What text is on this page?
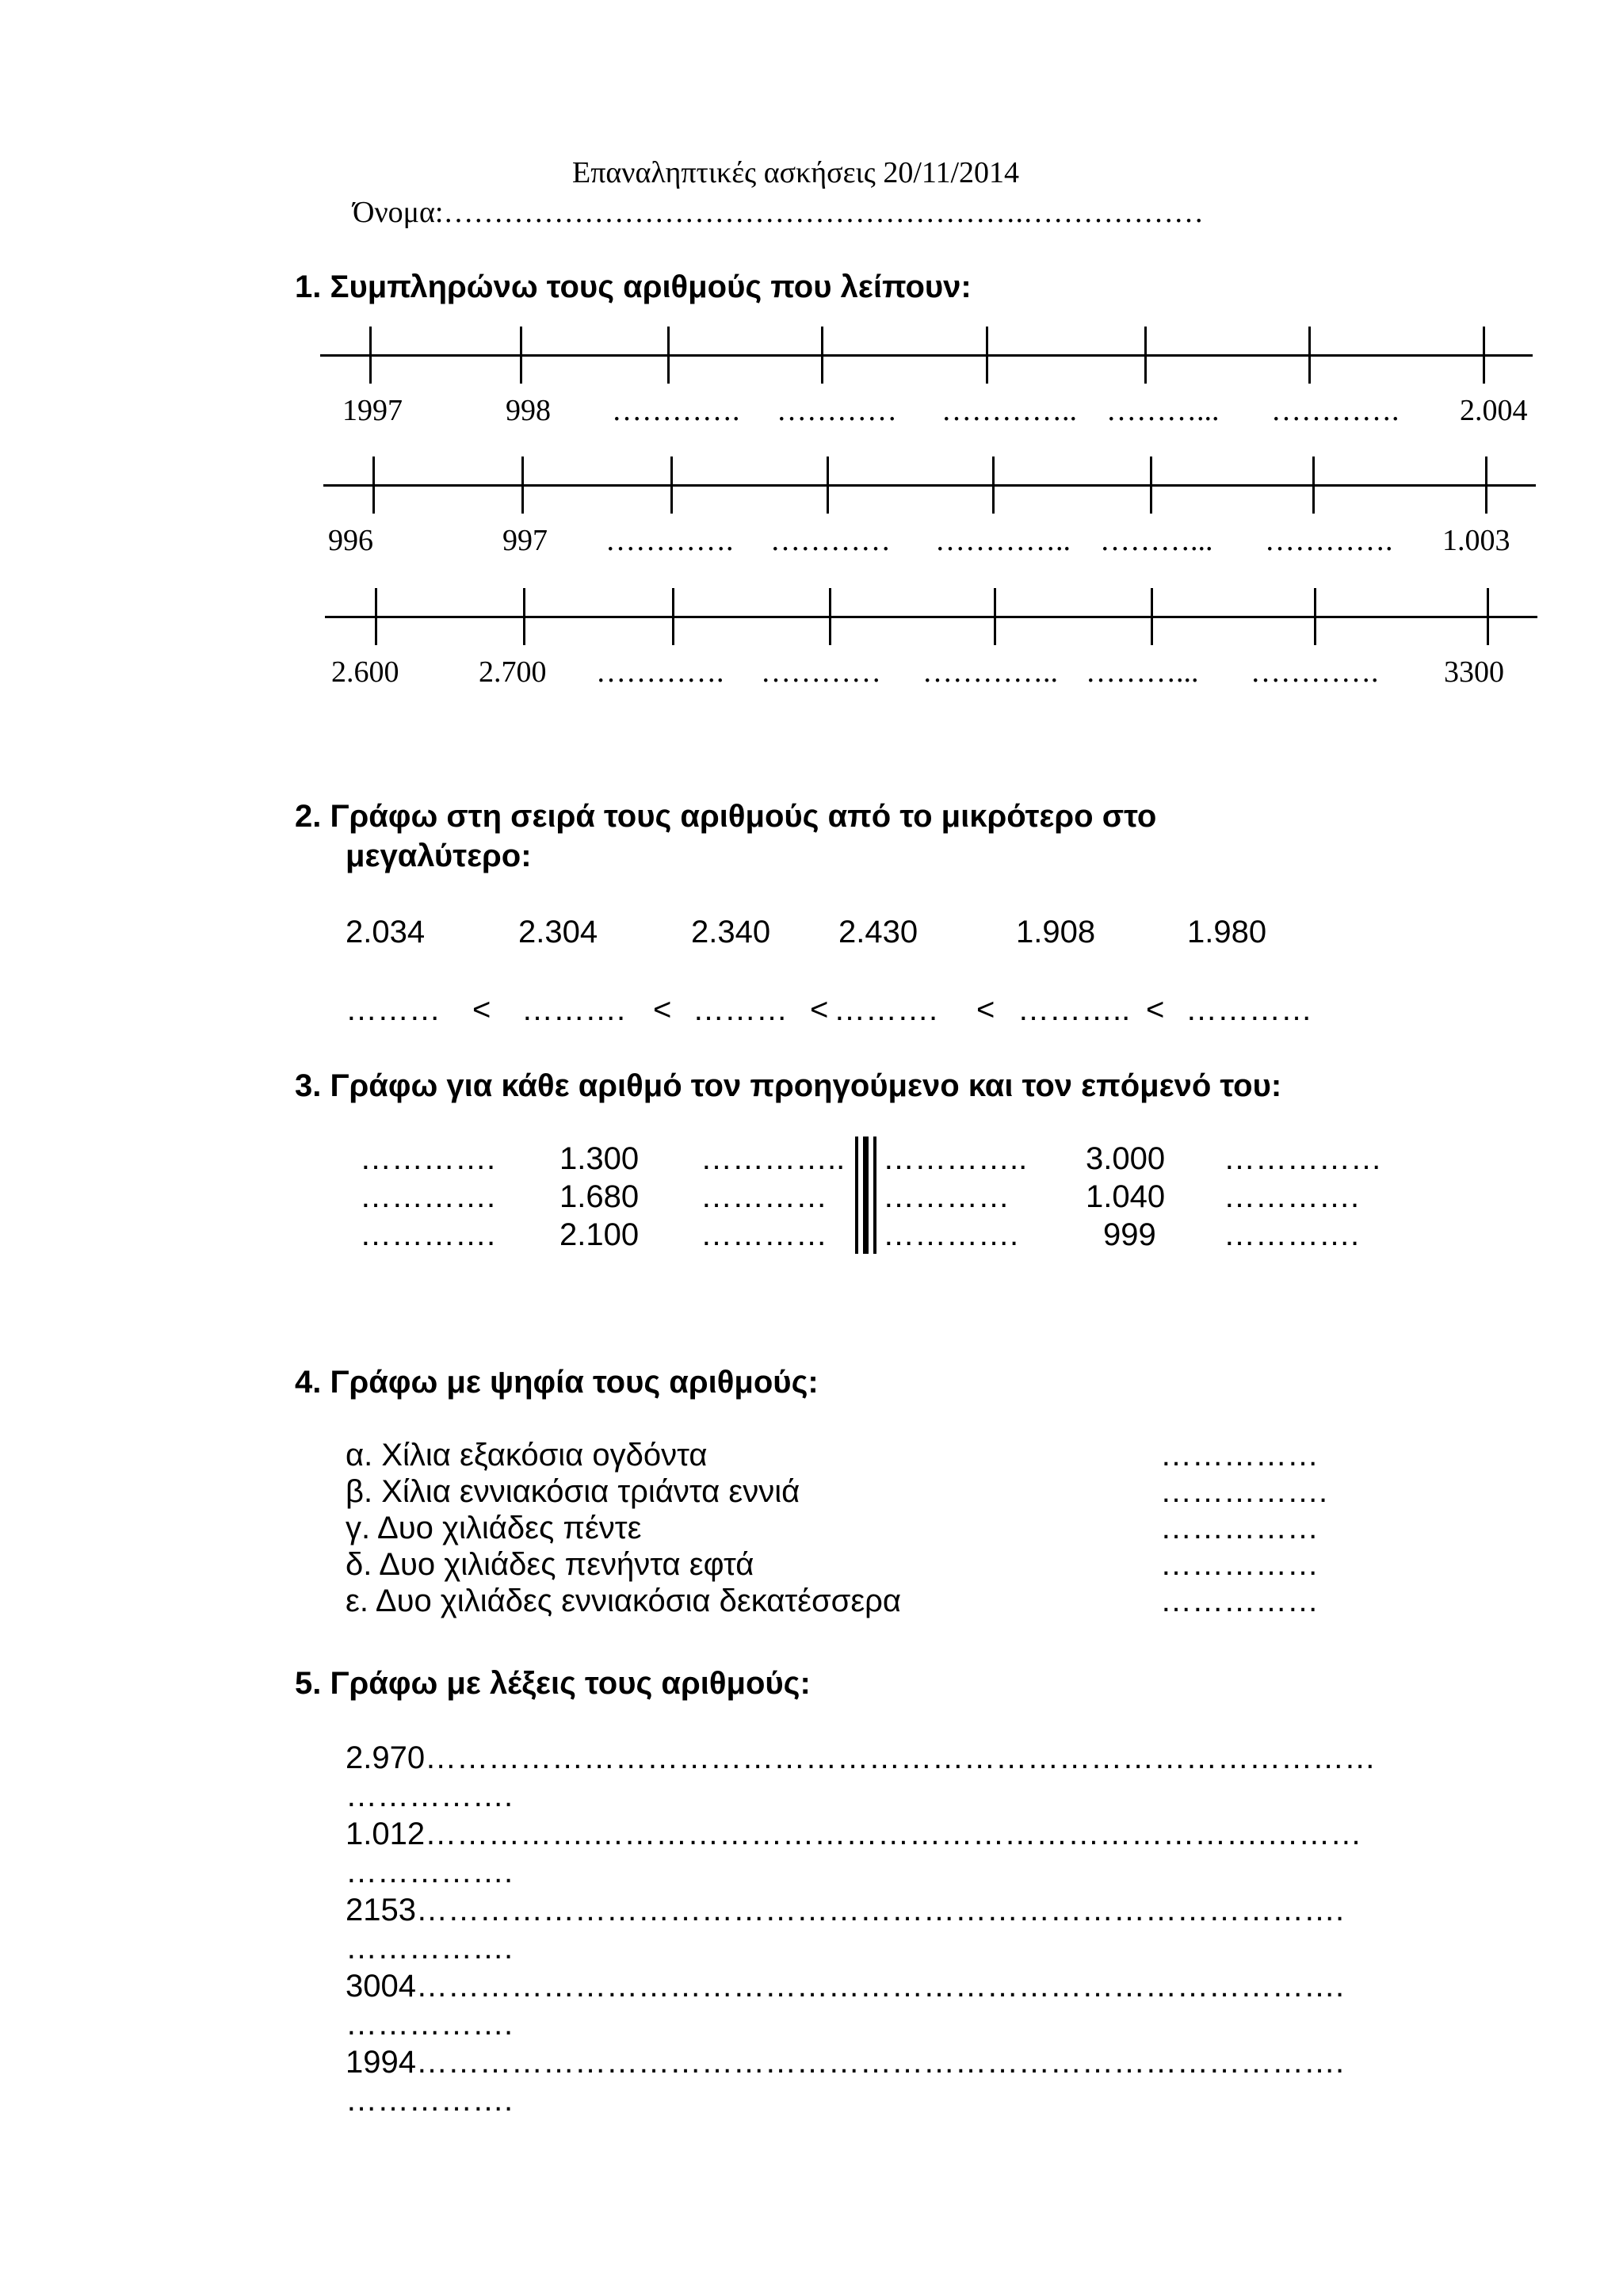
Επαναληπτικές ασκήσεις 20/11/2014
Όνομα:………………………………………………….………………
1. Συμπληρώνω τους αριθμούς που λείπουν:
1997	998 …………. ………… ………….. ………... …………. 2.004
996	997 …………. ………… ………….. ………... …………. 1.003
2.600	2.700 …………. ………… ………….. ………... …………. 3300
2. Γράφω στη σειρά τους αριθμούς από το μικρότερο στο
μεγαλύτερο:
2.034	2.304	2.340 2.430	1.908	1.980
……… < ………. < ……… < ………. < ……….. < …………
3. Γράφω για κάθε αριθμό τον προηγούμενο και τον επόμενό του:
…………. 1.300 ………….. ………….. 3.000 ……………
…………. 1.680 ………… ………… 1.040 ………….
…………. 2.100 ………… ………….	999 ………….
4. Γράφω με ψηφία τους αριθμούς:
α. Χίλια εξακόσια ογδόντα	……………
β. Χίλια εννιακόσια τριάντα εννιά	…………….
γ. Δυο χιλιάδες πέντε	……………
δ. Δυο χιλιάδες πενήντα εφτά	……………
ε. Δυο χιλιάδες εννιακόσια δεκατέσσερα	……………
5. Γράφω με λέξεις τους αριθμούς:
2.970………………………………………………………………………………
…………….
1.012…………….……………………………………………………….………
…………….
2153…………………………………………………………………………….
…………….
3004…………………………………………………………………………….
…………….
1994…………………………………………………………………………….
…………….
